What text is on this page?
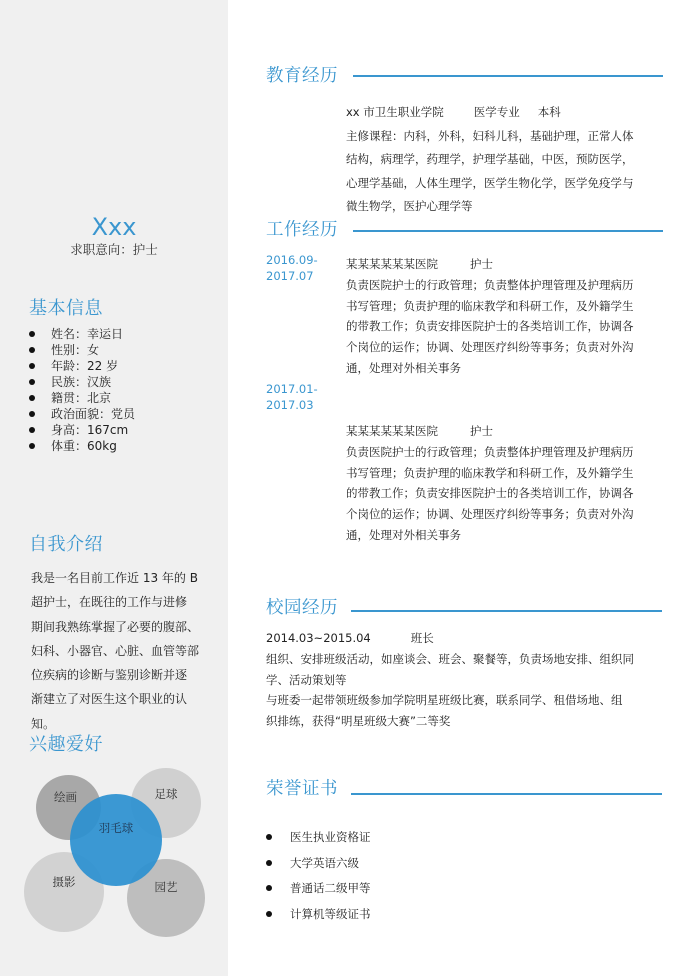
Xxx
求职意向：护士
基本信息
姓名：幸运日
性别：女
年龄：22 岁
民族：汉族
籍贯：北京
政治面貌：党员
身高：167cm
体重：60kg
自我介绍
我是一名目前工作近 13 年的 B
超护士，在既往的工作与进修
期间我熟练掌握了必要的腹部、
妇科、小器官、心脏、血管等部
位疾病的诊断与鉴别诊断并逐
渐建立了对医生这个职业的认
知。
兴趣爱好
绘画	足球
摄影	园艺
羽毛球
教育经历
xx 市卫生职业学院	医学专业 本科
主修课程：内科，外科，妇科儿科，基础护理，正常人体
结构，病理学，药理学，护理学基础，中医，预防医学，
心理学基础，人体生理学，医学生物化学，医学免疫学与
微生物学，医护心理学等
工作经历
2016.09-
2017.07
某某某某某某医院	护士
负责医院护士的行政管理；负责整体护理管理及护理病历
书写管理；负责护理的临床教学和科研工作，及外籍学生
的带教工作；负责安排医院护士的各类培训工作，协调各
个岗位的运作；协调、处理医疗纠纷等事务；负责对外沟
通，处理对外相关事务
2017.01-
2017.03
某某某某某某医院	护士
负责医院护士的行政管理；负责整体护理管理及护理病历
书写管理；负责护理的临床教学和科研工作，及外籍学生
的带教工作；负责安排医院护士的各类培训工作，协调各
个岗位的运作；协调、处理医疗纠纷等事务；负责对外沟
通，处理对外相关事务
校园经历
2014.03~2015.04	班长
组织、安排班级活动，如座谈会、班会、聚餐等，负责场地安排、组织同
学、活动策划等
与班委一起带领班级参加学院明星班级比赛，联系同学、租借场地、组
织排练，获得“明星班级大赛”二等奖
荣誉证书
医生执业资格证
大学英语六级
普通话二级甲等
计算机等级证书
